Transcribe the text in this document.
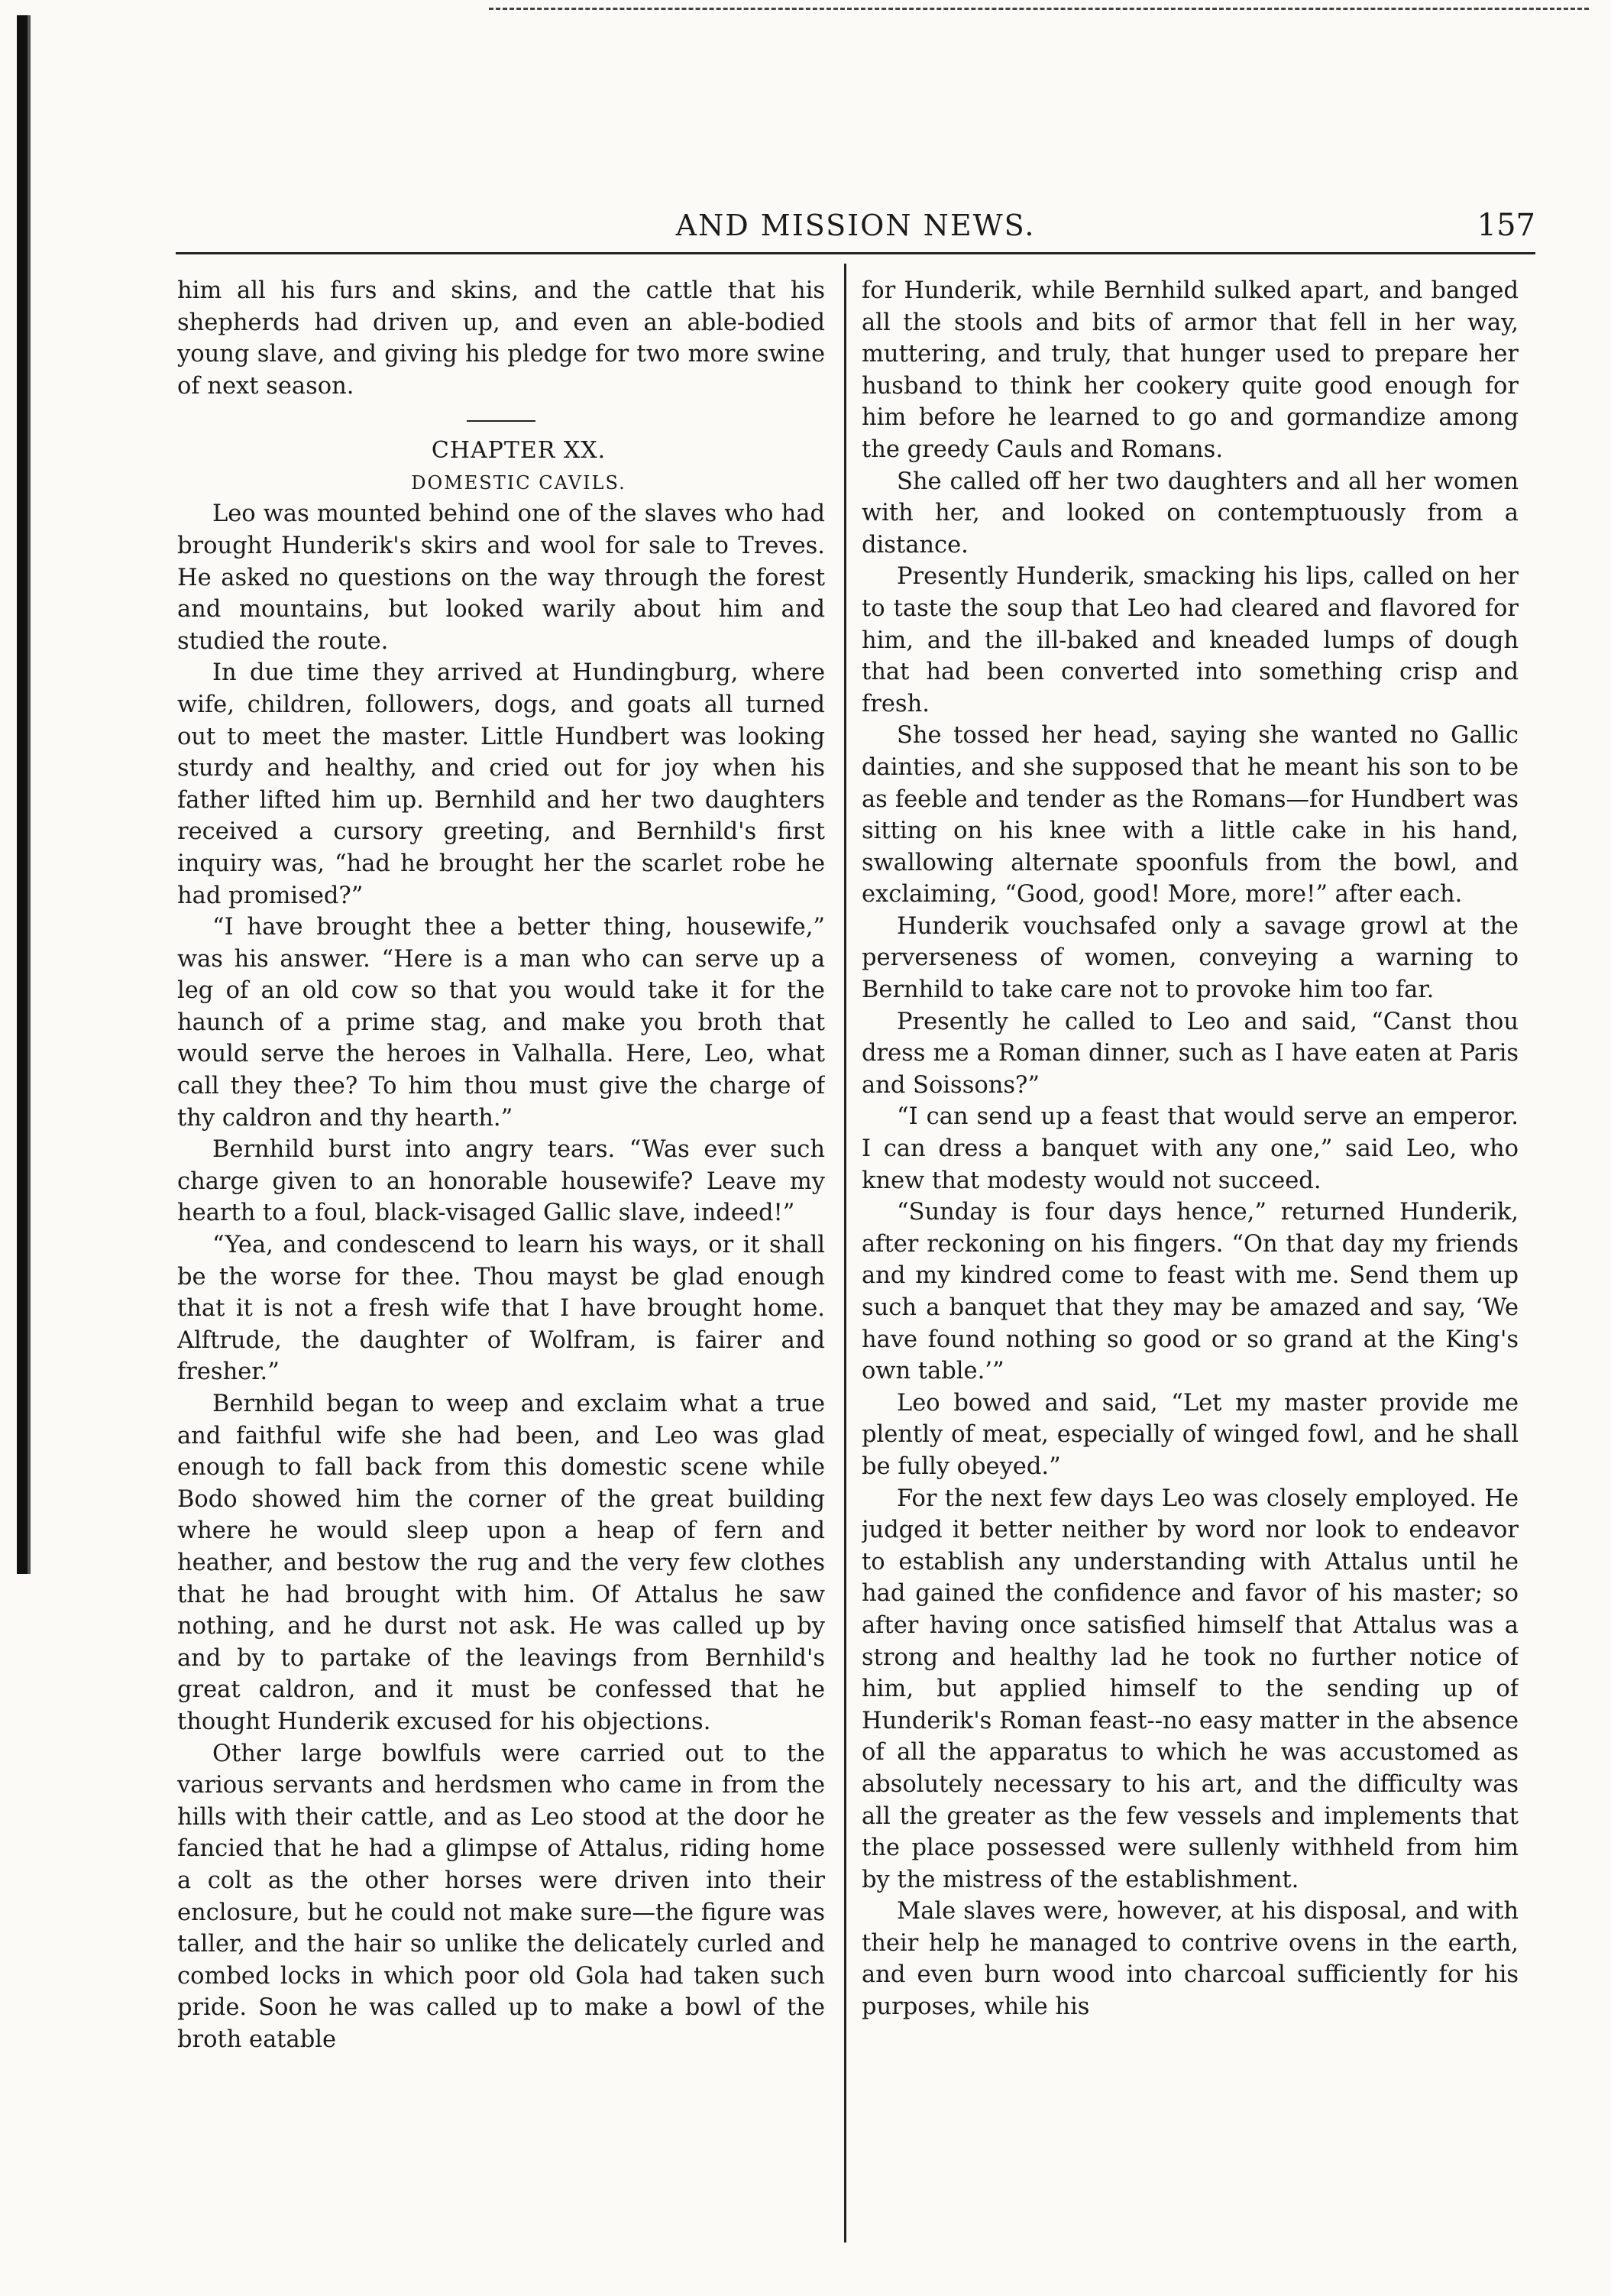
AND MISSION NEWS.	157

him all his furs and skins, and the cattle that his shepherds had driven up, and even an able-bodied young slave, and giving his pledge for two more swine of next season.

CHAPTER XX.

DOMESTIC CAVILS.

Leo was mounted behind one of the slaves who had brought Hunderik's skirs and wool for sale to Treves. He asked no questions on the way through the forest and mountains, but looked warily about him and studied the route.

In due time they arrived at Hundingburg, where wife, children, followers, dogs, and goats all turned out to meet the master. Little Hundbert was looking sturdy and healthy, and cried out for joy when his father lifted him up. Bernhild and her two daughters received a cursory greeting, and Bernhild's first inquiry was, “had he brought her the scarlet robe he had promised?”

“I have brought thee a better thing, housewife,” was his answer. “Here is a man who can serve up a leg of an old cow so that you would take it for the haunch of a prime stag, and make you broth that would serve the heroes in Valhalla. Here, Leo, what call they thee? To him thou must give the charge of thy caldron and thy hearth.”

Bernhild burst into angry tears. “Was ever such charge given to an honorable housewife? Leave my hearth to a foul, black-visaged Gallic slave, indeed!”

“Yea, and condescend to learn his ways, or it shall be the worse for thee. Thou mayst be glad enough that it is not a fresh wife that I have brought home. Alftrude, the daughter of Wolfram, is fairer and fresher.”

Bernhild began to weep and exclaim what a true and faithful wife she had been, and Leo was glad enough to fall back from this domestic scene while Bodo showed him the corner of the great building where he would sleep upon a heap of fern and heather, and bestow the rug and the very few clothes that he had brought with him. Of Attalus he saw nothing, and he durst not ask. He was called up by and by to partake of the leavings from Bernhild's great caldron, and it must be confessed that he thought Hunderik excused for his objections.

Other large bowlfuls were carried out to the various servants and herdsmen who came in from the hills with their cattle, and as Leo stood at the door he fancied that he had a glimpse of Attalus, riding home a colt as the other horses were driven into their enclosure, but he could not make sure—the figure was taller, and the hair so unlike the delicately curled and combed locks in which poor old Gola had taken such pride. Soon he was called up to make a bowl of the broth eatable

for Hunderik, while Bernhild sulked apart, and banged all the stools and bits of armor that fell in her way, muttering, and truly, that hunger used to prepare her husband to think her cookery quite good enough for him before he learned to go and gormandize among the greedy Cauls and Romans.

She called off her two daughters and all her women with her, and looked on contemptuously from a distance.

Presently Hunderik, smacking his lips, called on her to taste the soup that Leo had cleared and flavored for him, and the ill-baked and kneaded lumps of dough that had been converted into something crisp and fresh.

She tossed her head, saying she wanted no Gallic dainties, and she supposed that he meant his son to be as feeble and tender as the Romans—for Hundbert was sitting on his knee with a little cake in his hand, swallowing alternate spoonfuls from the bowl, and exclaiming, “Good, good! More, more!” after each.

Hunderik vouchsafed only a savage growl at the perverseness of women, conveying a warning to Bernhild to take care not to provoke him too far.

Presently he called to Leo and said, “Canst thou dress me a Roman dinner, such as I have eaten at Paris and Soissons?”

“I can send up a feast that would serve an emperor. I can dress a banquet with any one,” said Leo, who knew that modesty would not succeed.

“Sunday is four days hence,” returned Hunderik, after reckoning on his fingers. “On that day my friends and my kindred come to feast with me. Send them up such a banquet that they may be amazed and say, ‘We have found nothing so good or so grand at the King's own table.’”

Leo bowed and said, “Let my master provide me plently of meat, especially of winged fowl, and he shall be fully obeyed.”

For the next few days Leo was closely employed. He judged it better neither by word nor look to endeavor to establish any understanding with Attalus until he had gained the confidence and favor of his master; so after having once satisfied himself that Attalus was a strong and healthy lad he took no further notice of him, but applied himself to the sending up of Hunderik's Roman feast--no easy matter in the absence of all the apparatus to which he was accustomed as absolutely necessary to his art, and the difficulty was all the greater as the few vessels and implements that the place possessed were sullenly withheld from him by the mistress of the establishment.

Male slaves were, however, at his disposal, and with their help he managed to contrive ovens in the earth, and even burn wood into charcoal sufficiently for his purposes, while his
